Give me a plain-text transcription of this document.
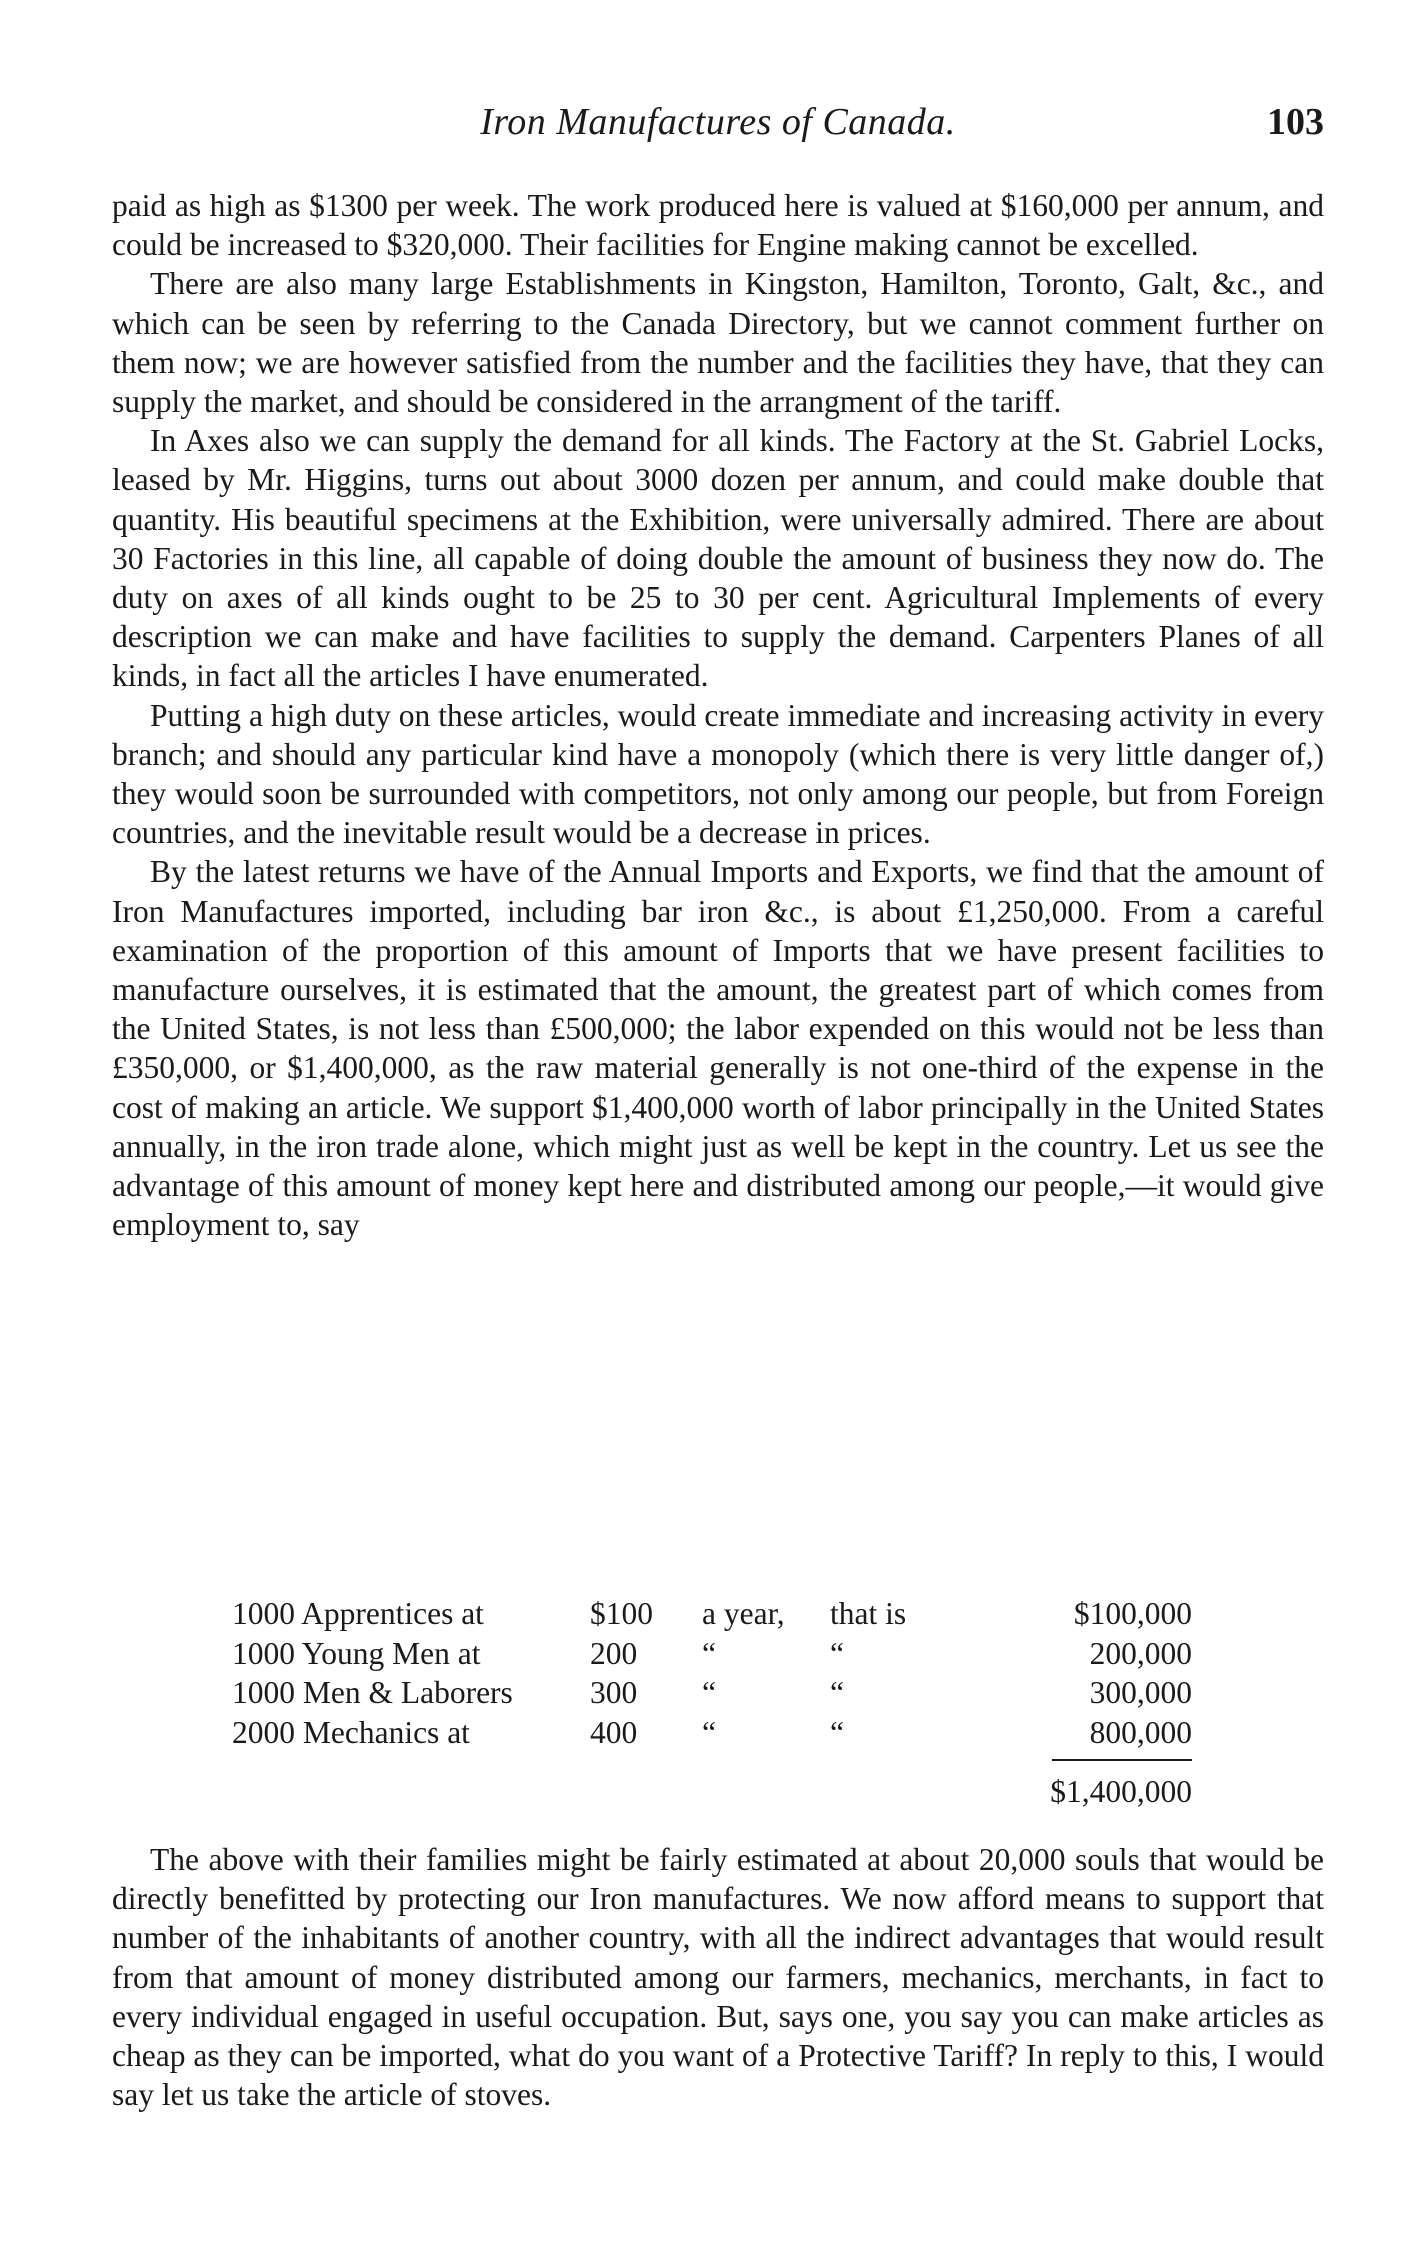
Iron Manufactures of Canada.	103

paid as high as $1300 per week. The work produced here is valued at $160,000 per annum, and could be increased to $320,000. Their facilities for Engine making cannot be excelled.

There are also many large Establishments in Kingston, Hamilton, Toronto, Galt, &c., and which can be seen by referring to the Canada Directory, but we cannot comment further on them now; we are however satisfied from the number and the facilities they have, that they can supply the market, and should be considered in the arrangment of the tariff.

In Axes also we can supply the demand for all kinds. The Factory at the St. Gabriel Locks, leased by Mr. Higgins, turns out about 3000 dozen per annum, and could make double that quantity. His beautiful specimens at the Exhibition, were universally admired. There are about 30 Factories in this line, all capable of doing double the amount of business they now do. The duty on axes of all kinds ought to be 25 to 30 per cent. Agricultural Implements of every description we can make and have facilities to supply the demand. Carpenters Planes of all kinds, in fact all the articles I have enumerated.

Putting a high duty on these articles, would create immediate and increasing activity in every branch; and should any particular kind have a monopoly (which there is very little danger of,) they would soon be surrounded with competitors, not only among our people, but from Foreign countries, and the inevitable result would be a decrease in prices.

By the latest returns we have of the Annual Imports and Exports, we find that the amount of Iron Manufactures imported, including bar iron &c., is about £1,250,000. From a careful examination of the proportion of this amount of Imports that we have present facilities to manufacture ourselves, it is estimated that the amount, the greatest part of which comes from the United States, is not less than £500,000; the labor expended on this would not be less than £350,000, or $1,400,000, as the raw material generally is not one-third of the expense in the cost of making an article. We support $1,400,000 worth of labor principally in the United States annually, in the iron trade alone, which might just as well be kept in the country. Let us see the advantage of this amount of money kept here and distributed among our people,—it would give employment to, say

1000 Apprentices at	$100 a year, that is	$100,000
1000 Young Men at	200 “	“	200,000
1000 Men & Laborers 300 “	“	300,000
2000 Mechanics at	400 “	“	800,000
$1,400,000

The above with their families might be fairly estimated at about 20,000 souls that would be directly benefitted by protecting our Iron manufactures. We now afford means to support that number of the inhabitants of another country, with all the indirect advantages that would result from that amount of money distributed among our farmers, mechanics, merchants, in fact to every individual engaged in useful occupation. But, says one, you say you can make articles as cheap as they can be imported, what do you want of a Protective Tariff? In reply to this, I would say let us take the article of stoves.
